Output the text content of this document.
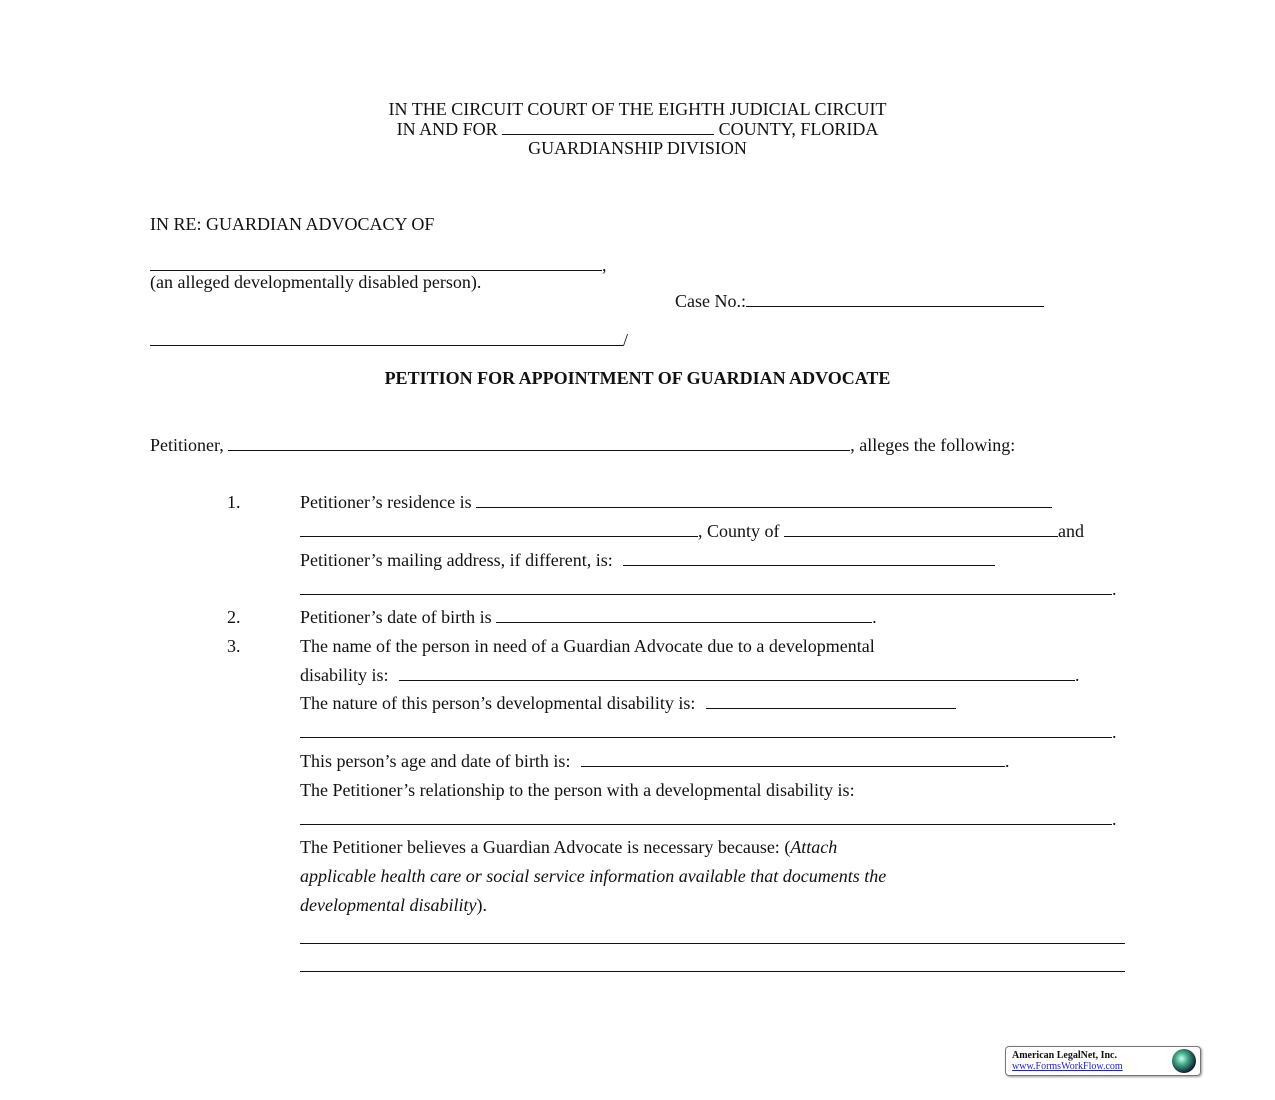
IN THE CIRCUIT COURT OF THE EIGHTH JUDICIAL CIRCUIT
IN AND FOR	COUNTY, FLORIDA
GUARDIANSHIP DIVISION
IN RE: GUARDIAN ADVOCACY OF
,
(an alleged developmentally disabled person).
Case No.:
/
PETITION FOR APPOINTMENT OF GUARDIAN ADVOCATE
Petitioner,	, alleges the following:
1.	Petitioner’s residence is
, County of	and
Petitioner’s mailing address, if different, is:
.
2.	Petitioner’s date of birth is	.
3.	The name of the person in need of a Guardian Advocate due to a developmental
disability is:	.
The nature of this person’s developmental disability is:
.
This person’s age and date of birth is:	.
The Petitioner’s relationship to the person with a developmental disability is:
.
The Petitioner believes a Guardian Advocate is necessary because: (Attach
applicable health care or social service information available that documents the
developmental disability).
American LegalNet, Inc.
www.FormsWorkFlow.com
